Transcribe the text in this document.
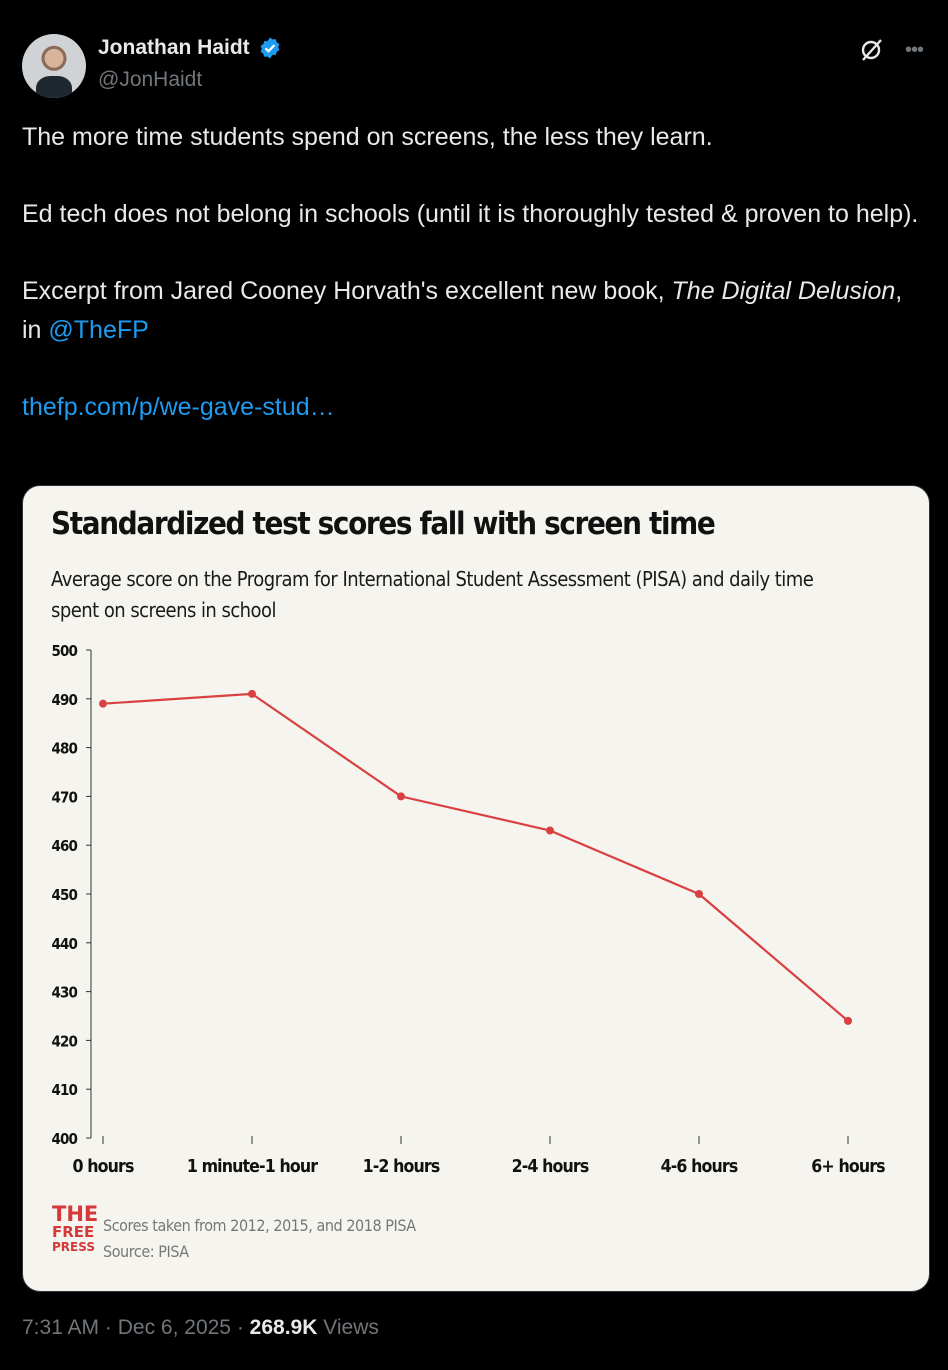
Jonathan Haidt
@JonHaidt
•••

The more time students spend on screens, the less they learn.

Ed tech does not belong in schools (until it is thoroughly tested & proven to help).

Excerpt from Jared Cooney Horvath's excellent new book, The Digital Delusion, in @TheFP

thefp.com/p/we-gave-stud…

Standardized test scores fall with screen time
Average score on the Program for International Student Assessment (PISA) and daily time spent on screens in school
500
490
480
470
460
450
440
430
420
410
400
0 hours	1 minute-1 hour	1-2 hours	2-4 hours	4-6 hours	6+ hours
THE
FREE
PRESS
Scores taken from 2012, 2015, and 2018 PISA
Source: PISA
7:31 AM · Dec 6, 2025 · 268.9K Views
